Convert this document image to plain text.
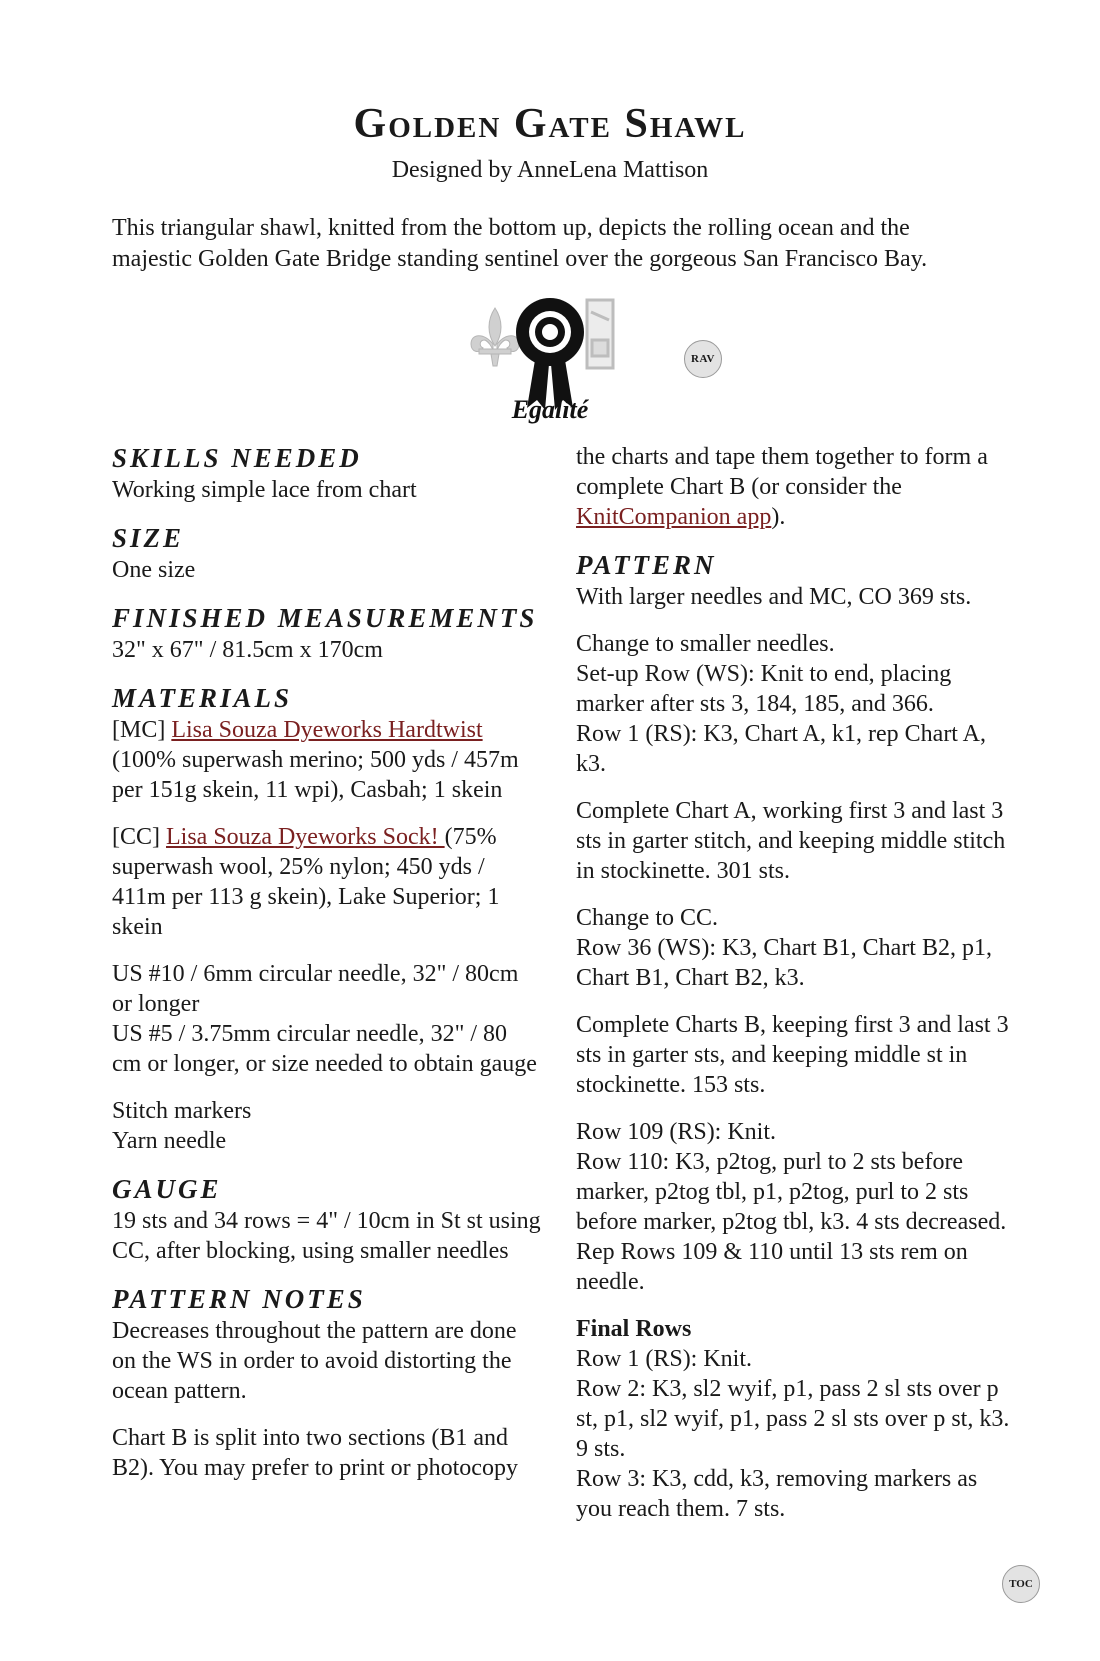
Golden Gate Shawl
Designed by AnneLena Mattison

This triangular shawl, knitted from the bottom up, depicts the rolling ocean and the majestic Golden Gate Bridge standing sentinel over the gorgeous San Francisco Bay.

Egalité
RAV
SKILLS NEEDED

Working simple lace from chart

SIZE

One size

FINISHED MEASUREMENTS

32" x 67" / 81.5cm x 170cm

MATERIALS

[MC] Lisa Souza Dyeworks Hardtwist (100% superwash merino; 500 yds / 457m per 151g skein, 11 wpi), Casbah; 1 skein

[CC] Lisa Souza Dyeworks Sock! (75% superwash wool, 25% nylon; 450 yds / 411m per 113 g skein), Lake Superior; 1 skein

US #10 / 6mm circular needle, 32" / 80cm or longer
US #5 / 3.75mm circular needle, 32" / 80 cm or longer, or size needed to obtain gauge

Stitch markers
Yarn needle

GAUGE

19 sts and 34 rows = 4" / 10cm in St st using CC, after blocking, using smaller needles

PATTERN NOTES

Decreases throughout the pattern are done on the WS in order to avoid distorting the ocean pattern.

Chart B is split into two sections (B1 and B2). You may prefer to print or photocopy

the charts and tape them together to form a complete Chart B (or consider the KnitCompanion app).

PATTERN

With larger needles and MC, CO 369 sts.

Change to smaller needles.
Set-up Row (WS): Knit to end, placing marker after sts 3, 184, 185, and 366.
Row 1 (RS): K3, Chart A, k1, rep Chart A, k3.

Complete Chart A, working first 3 and last 3 sts in garter stitch, and keeping middle stitch in stockinette. 301 sts.

Change to CC.
Row 36 (WS): K3, Chart B1, Chart B2, p1, Chart B1, Chart B2, k3.

Complete Charts B, keeping first 3 and last 3 sts in garter sts, and keeping middle st in stockinette. 153 sts.

Row 109 (RS): Knit.
Row 110: K3, p2tog, purl to 2 sts before marker, p2tog tbl, p1, p2tog, purl to 2 sts before marker, p2tog tbl, k3. 4 sts decreased.
Rep Rows 109 & 110 until 13 sts rem on needle.

Final Rows

Row 1 (RS): Knit.
Row 2: K3, sl2 wyif, p1, pass 2 sl sts over p st, p1, sl2 wyif, p1, pass 2 sl sts over p st, k3. 9 sts.
Row 3: K3, cdd, k3, removing markers as you reach them. 7 sts.

TOC
